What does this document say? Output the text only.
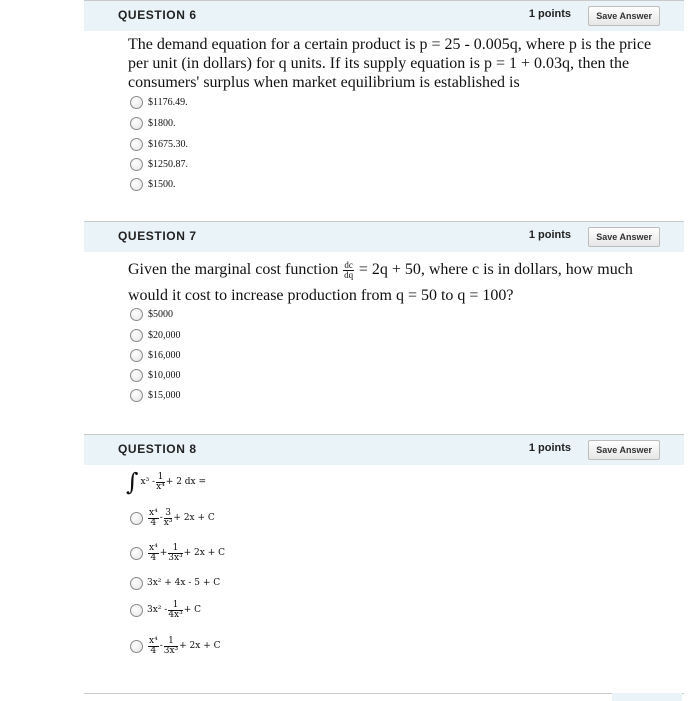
QUESTION 6	1 points	Save Answer
The demand equation for a certain product is p = 25 - 0.005q, where p is the price per unit (in dollars) for q units. If its supply equation is p = 1 + 0.03q, then the consumers' surplus when market equilibrium is established is
$1176.49.
$1800.
$1675.30.
$1250.87.
$1500.
QUESTION 7	1 points	Save Answer
Given the marginal cost function $\frac{dc}{dq} = 2q + 50$, where c is in dollars, how much would it cost to increase production from q = 50 to q = 100?
$5000
$20,000
$16,000
$10,000
$15,000
QUESTION 8	1 points	Save Answer
∫ $x^3 - \frac{1}{\text{x⁴}} + 2$ dx =
$\frac{\text{x⁴}}{4} - \frac{3}{\text{x³}} + 2x + C$
$\frac{\text{x⁴}}{4} + \frac{1}{\text{3x³}} + 2x + C$
3x² + 4x - 5 + C
$3x^2 - \frac{1}{\text{4x³}} + C$
$\frac{\text{x⁴}}{4} - \frac{1}{\text{3x³}} + 2x + C$
